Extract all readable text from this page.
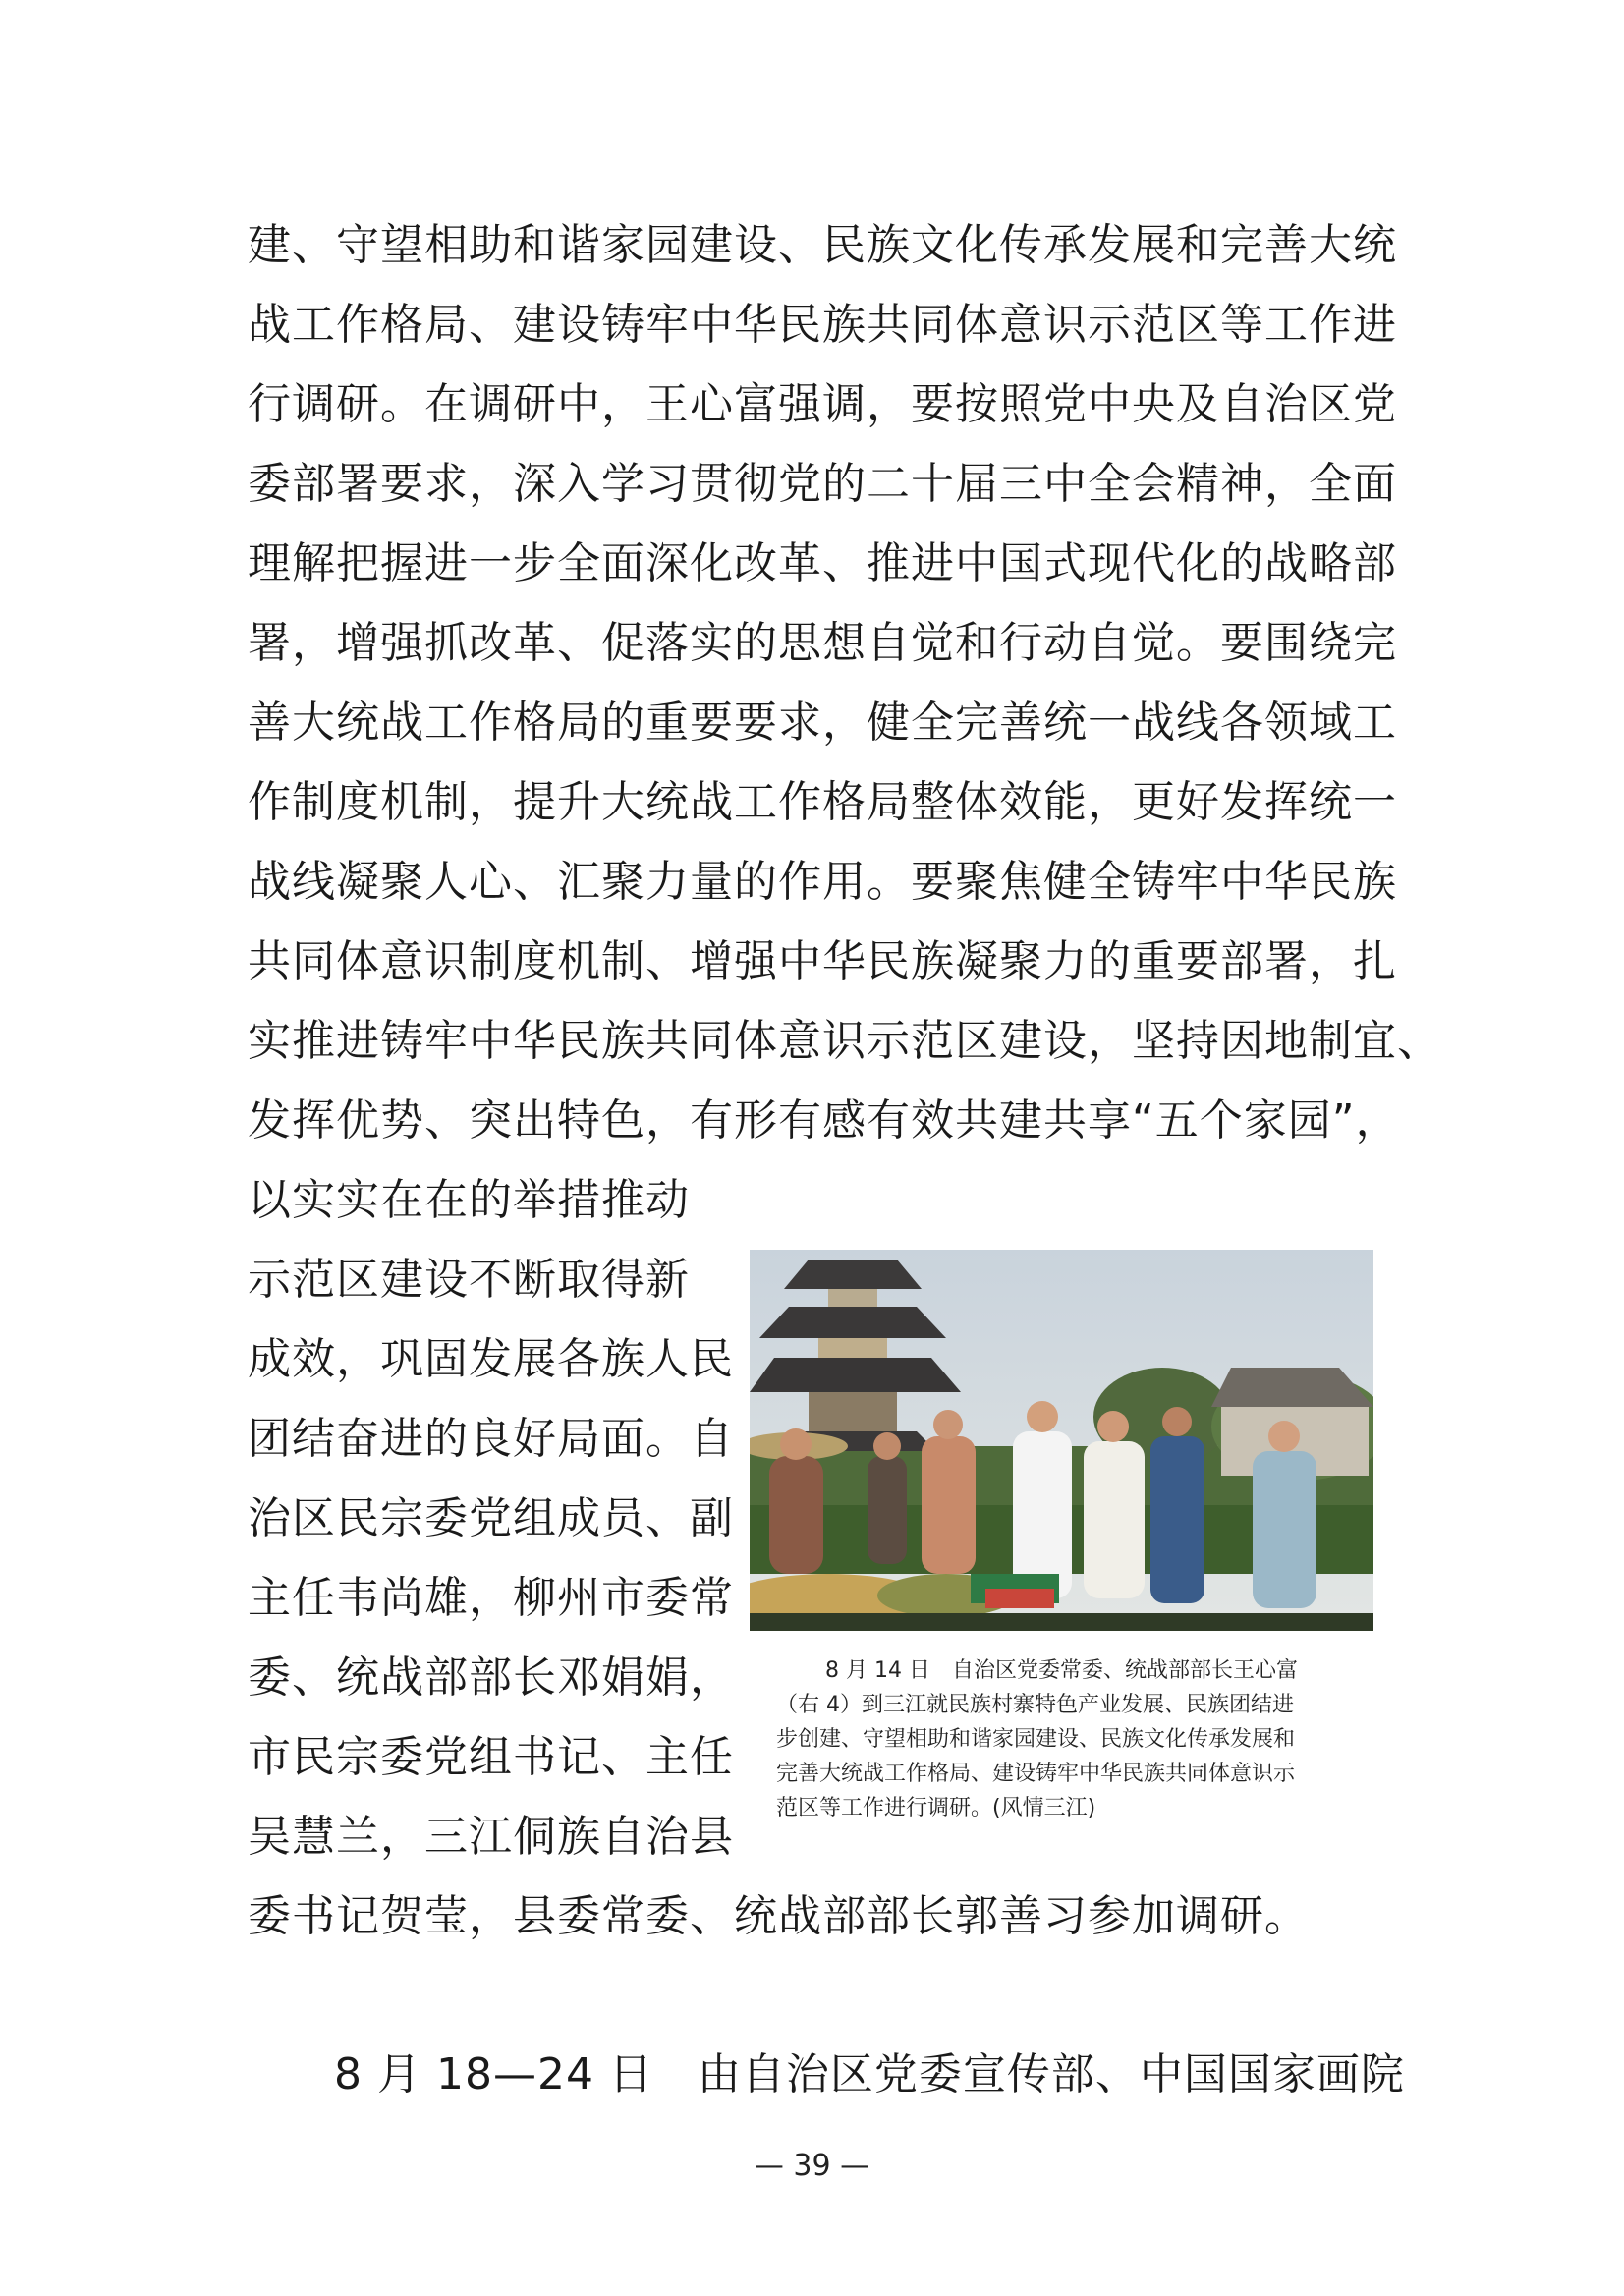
建、守望相助和谐家园建设、民族文化传承发展和完善大统
战工作格局、建设铸牢中华民族共同体意识示范区等工作进
行调研。在调研中，王心富强调，要按照党中央及自治区党
委部署要求，深入学习贯彻党的二十届三中全会精神，全面
理解把握进一步全面深化改革、推进中国式现代化的战略部
署，增强抓改革、促落实的思想自觉和行动自觉。要围绕完
善大统战工作格局的重要要求，健全完善统一战线各领域工
作制度机制，提升大统战工作格局整体效能，更好发挥统一
战线凝聚人心、汇聚力量的作用。要聚焦健全铸牢中华民族
共同体意识制度机制、增强中华民族凝聚力的重要部署，扎
实推进铸牢中华民族共同体意识示范区建设，坚持因地制宜、
发挥优势、突出特色，有形有感有效共建共享“五个家园”，
以实实在在的举措推动
示范区建设不断取得新
成效，巩固发展各族人民
团结奋进的良好局面。自
治区民宗委党组成员、副
主任韦尚雄，柳州市委常
委、统战部部长邓娟娟，
市民宗委党组书记、主任
吴慧兰，三江侗族自治县
委书记贺莹，县委常委、统战部部长郭善习参加调研。
8 月 18—24 日　由自治区党委宣传部、中国国家画院
8 月 14 日　自治区党委常委、统战部部长王心富
（右 4）到三江就民族村寨特色产业发展、民族团结进
步创建、守望相助和谐家园建设、民族文化传承发展和
完善大统战工作格局、建设铸牢中华民族共同体意识示
范区等工作进行调研。(风情三江)
— 39 —
